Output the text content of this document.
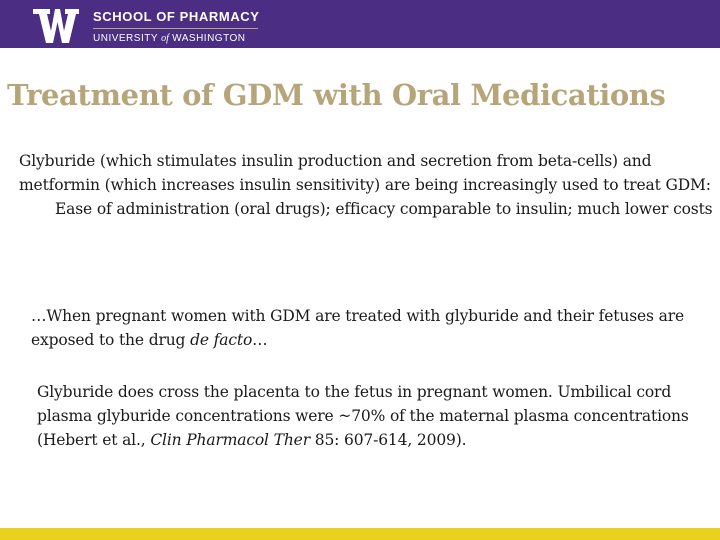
SCHOOL OF PHARMACY
UNIVERSITY of WASHINGTON
Treatment of GDM with Oral Medications
Glyburide (which stimulates insulin production and secretion from beta-cells) and metformin (which increases insulin sensitivity) are being increasingly used to treat GDM:
Ease of administration (oral drugs); efficacy comparable to insulin; much lower costs
…When pregnant women with GDM are treated with glyburide and their fetuses are exposed to the drug de facto…
Glyburide does cross the placenta to the fetus in pregnant women. Umbilical cord plasma glyburide concentrations were ~70% of the maternal plasma concentrations (Hebert et al., Clin Pharmacol Ther 85: 607-614, 2009).
